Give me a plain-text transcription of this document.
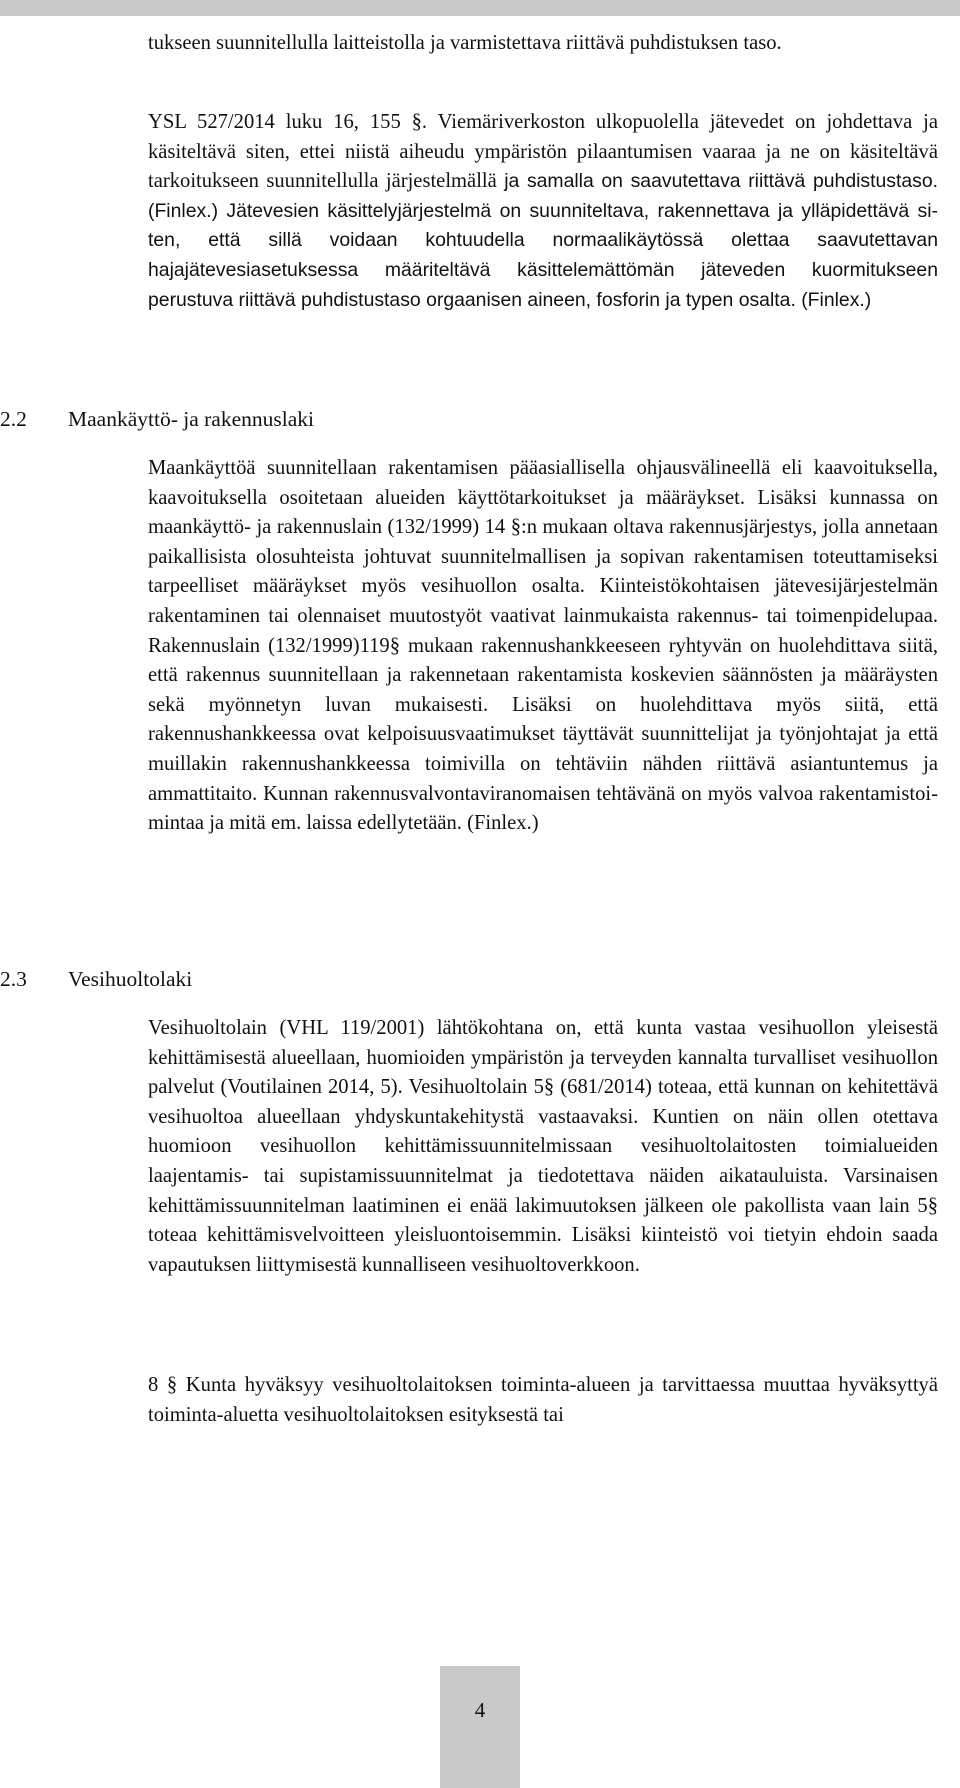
tukseen suunnitellulla laitteistolla ja varmistettava riittävä puhdistuksen taso.

YSL 527/2014 luku 16, 155 §. Viemäriverkoston ulkopuolella jätevedet on johdettava ja käsiteltävä siten, ettei niistä aiheudu ympäristön pilaantumisen vaaraa ja ne on käsiteltävä tarkoitukseen suunnitellulla järjestelmällä ja samalla on saavutettava riittävä puhdistustaso. (Finlex.) Jätevesien käsittelyjärjestelmä on suunniteltava, rakennettava ja ylläpidettävä siten, että sillä voidaan kohtuudella normaalikäytössä olettaa saavutettavan hajajätevesiasetuksessa määriteltävä käsittelemättömän jäteveden kuormitukseen perustuva riittävä puhdistustaso orgaanisen aineen, fosforin ja typen osalta. (Finlex.)

2.2 Maankäyttö- ja rakennuslaki

Maankäyttöä suunnitellaan rakentamisen pääasiallisella ohjausvälineellä eli kaavoituksella, kaavoituksella osoitetaan alueiden käyttötarkoitukset ja määräykset. Lisäksi kunnassa on maankäyttö- ja rakennuslain (132/1999) 14 §:n mukaan oltava rakennusjärjestys, jolla annetaan paikallisista olosuhteista johtuvat suunnitelmallisen ja sopivan rakentamisen toteuttamiseksi tarpeelliset määräykset myös vesihuollon osalta. Kiinteistökohtaisen jätevesijärjestelmän rakentaminen tai olennaiset muutostyöt vaativat lainmukaista rakennus- tai toimenpidelupaa. Rakennuslain (132/1999)119§ mukaan rakennushankkeeseen ryhtyvän on huolehdittava siitä, että rakennus suunnitellaan ja rakennetaan rakentamista koskevien säännösten ja määräysten sekä myönnetyn luvan mukaisesti. Lisäksi on huolehdittava myös siitä, että rakennushankkeessa ovat kelpoisuusvaatimukset täyttävät suunnittelijat ja työnjohtajat ja että muillakin rakennushankkeessa toimivilla on tehtäviin nähden riittävä asiantuntemus ja ammattitaito. Kunnan rakennusvalvontaviranomaisen tehtävänä on myös valvoa rakentamistoimintaa ja mitä em. laissa edellytetään. (Finlex.)

2.3 Vesihuoltolaki

Vesihuoltolain (VHL 119/2001) lähtökohtana on, että kunta vastaa vesihuollon yleisestä kehittämisestä alueellaan, huomioiden ympäristön ja terveyden kannalta turvalliset vesihuollon palvelut (Voutilainen 2014, 5). Vesihuoltolain 5§ (681/2014) toteaa, että kunnan on kehitettävä vesihuoltoa alueellaan yhdyskuntakehitystä vastaavaksi. Kuntien on näin ollen otettava huomioon vesihuollon kehittämissuunnitelmissaan vesihuoltolaitosten toimialueiden laajentamis- tai supistamissuunnitelmat ja tiedotettava näiden aikatauluista. Varsinaisen kehittämissuunnitelman laatiminen ei enää lakimuutoksen jälkeen ole pakollista vaan lain 5§ toteaa kehittämisvelvoitteen yleisluontoisemmin. Lisäksi kiinteistö voi tietyin ehdoin saada vapautuksen liittymisestä kunnalliseen vesihuoltoverkkoon.

8 § Kunta hyväksyy vesihuoltolaitoksen toiminta-alueen ja tarvittaessa muuttaa hyväksyttyä toiminta-aluetta vesihuoltolaitoksen esityksestä tai

4
